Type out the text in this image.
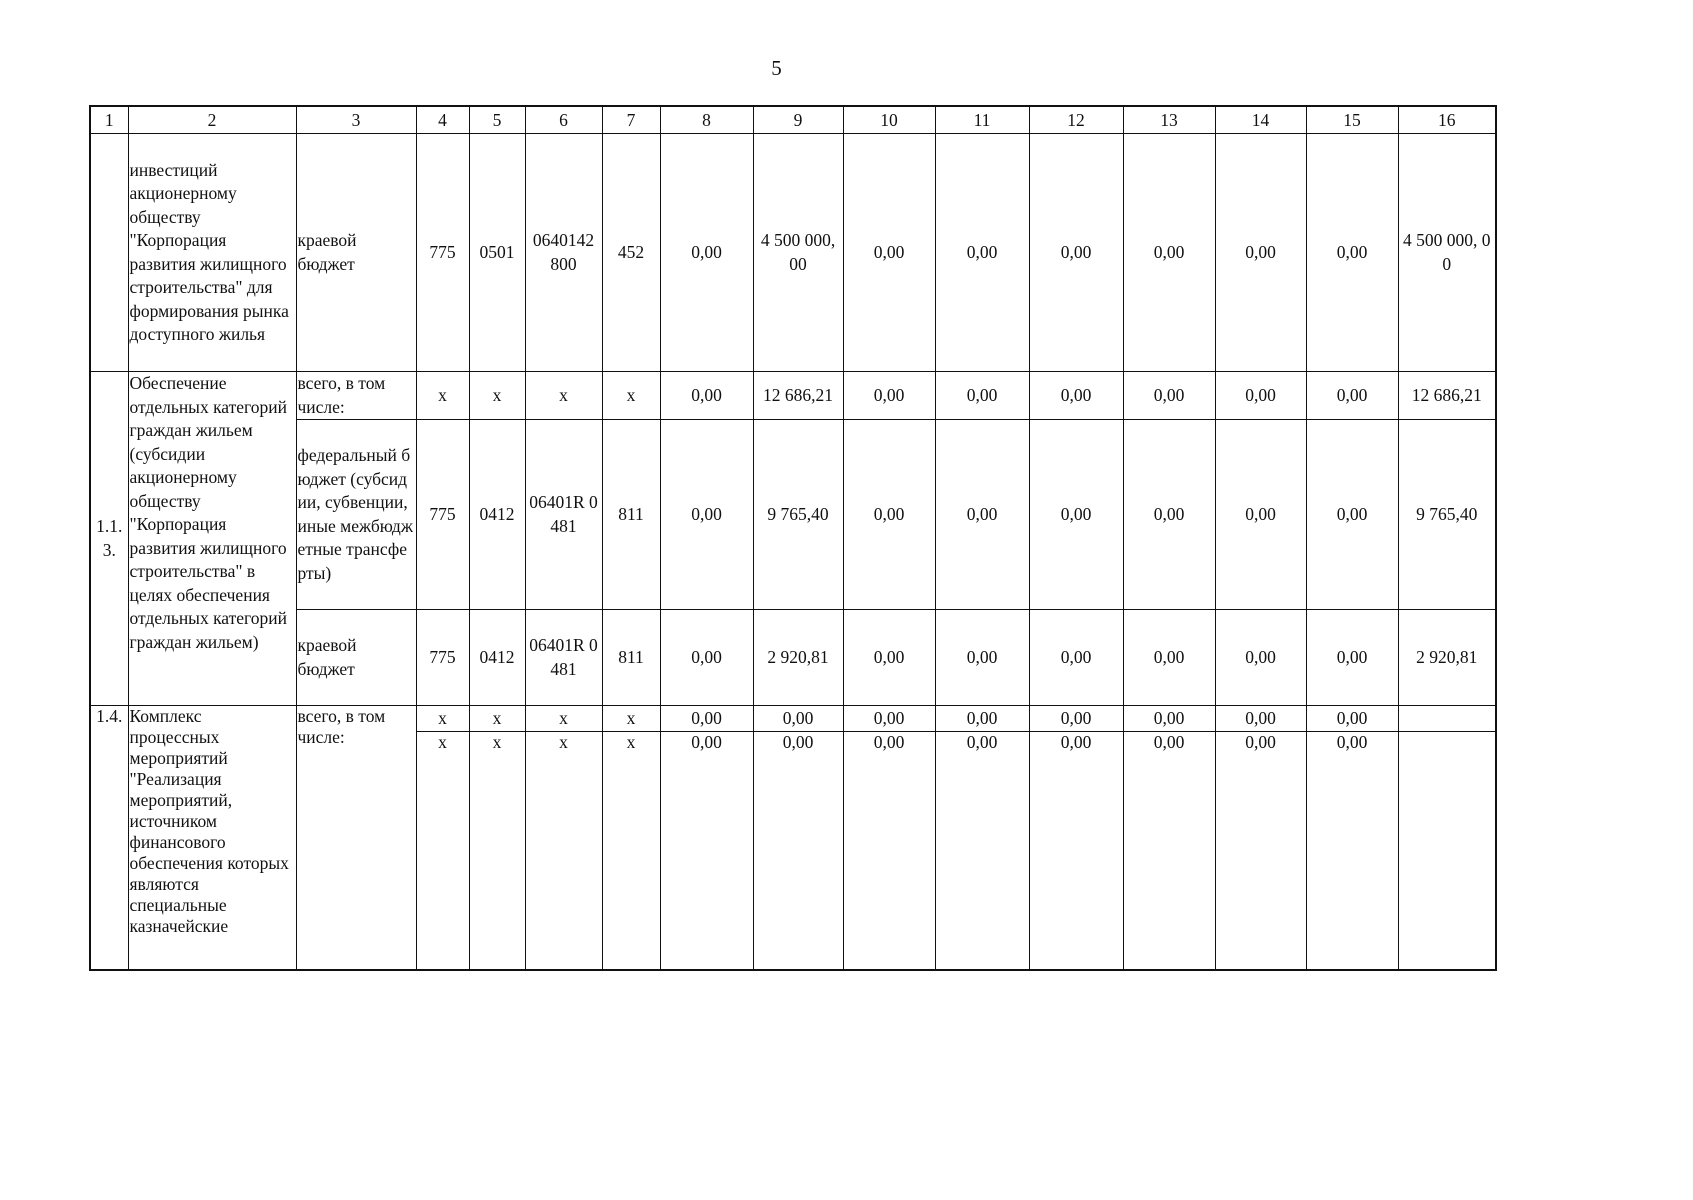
5
1	2	3	4	5	6	7	8	9	10	11	12	13	14	15	16
	инвестиций акционерному обществу "Корпорация развития жилищного строительства" для формирования рынка доступного жилья	краевой бюджет	775	0501	0640142 800	452	0,00	4 500 000, 00	0,00	0,00	0,00	0,00	0,00	0,00	4 500 000, 00
1.1. 3.	Обеспечение отдельных категорий граждан жильем (субсидии акционерному обществу "Корпорация развития жилищного строительства" в целях обеспечения отдельных категорий граждан жильем)	всего, в том числе:	x	x	x	x	0,00	12 686,21	0,00	0,00	0,00	0,00	0,00	0,00	12 686,21
		федеральный бюджет (субсидии, субвенции, иные межбюджетные трансферты)	775	0412	06401R 0481	811	0,00	9 765,40	0,00	0,00	0,00	0,00	0,00	0,00	9 765,40
		краевой бюджет	775	0412	06401R 0481	811	0,00	2 920,81	0,00	0,00	0,00	0,00	0,00	0,00	2 920,81
1.4.	Комплекс процессных мероприятий "Реализация мероприятий, источником финансового обеспечения которых являются специальные казначейские	всего, в том числе:	x	x	x	x	0,00	0,00	0,00	0,00	0,00	0,00	0,00	0,00	
			x	x	x	x	0,00	0,00	0,00	0,00	0,00	0,00	0,00	0,00	
